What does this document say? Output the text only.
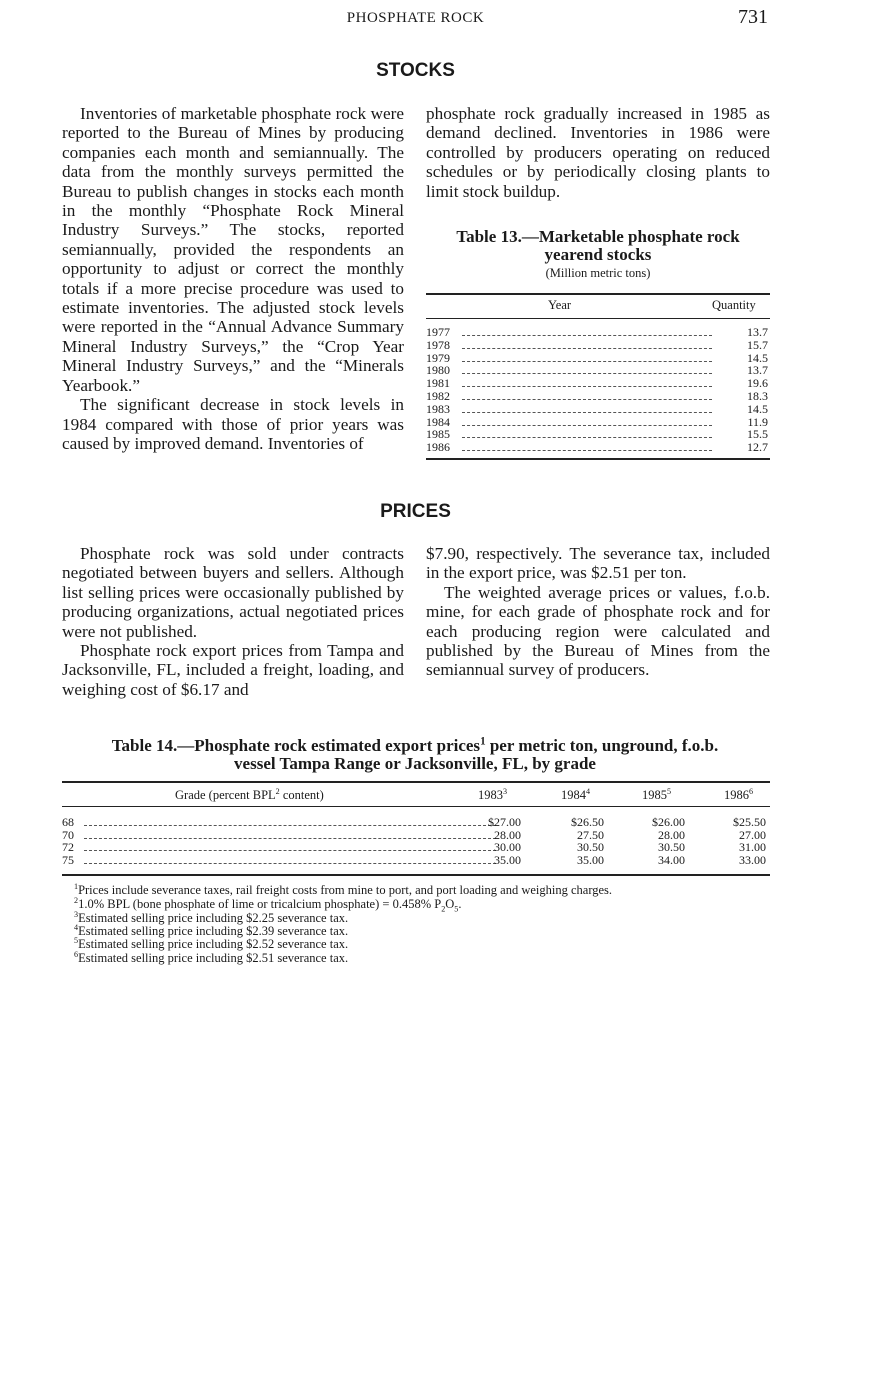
PHOSPHATE ROCK	731
STOCKS

Inventories of marketable phosphate rock were reported to the Bureau of Mines by producing companies each month and semiannually. The data from the monthly surveys permitted the Bureau to publish changes in stocks each month in the monthly “Phosphate Rock Mineral Industry Surveys.” The stocks, reported semiannually, provided the respondents an opportunity to adjust or correct the monthly totals if a more precise procedure was used to estimate inventories. The adjusted stock levels were reported in the “Annual Advance Summary Mineral Industry Surveys,” the “Crop Year Mineral Industry Surveys,” and the “Minerals Yearbook.”

The significant decrease in stock levels in 1984 compared with those of prior years was caused by improved demand. Inventories of

phosphate rock gradually increased in 1985 as demand declined. Inventories in 1986 were controlled by producers operating on reduced schedules or by periodically closing plants to limit stock buildup.

Table 13.—Marketable phosphate rock
yearend stocks
(Million metric tons)
Year	Quantity
1977	13.7
1978	15.7
1979	14.5
1980	13.7
1981	19.6
1982	18.3
1983	14.5
1984	11.9
1985	15.5
1986	12.7
PRICES

Phosphate rock was sold under contracts negotiated between buyers and sellers. Although list selling prices were occasionally published by producing organizations, actual negotiated prices were not published.

Phosphate rock export prices from Tampa and Jacksonville, FL, included a freight, loading, and weighing cost of $6.17 and

$7.90, respectively. The severance tax, included in the export price, was $2.51 per ton.

The weighted average prices or values, f.o.b. mine, for each grade of phosphate rock and for each producing region were calculated and published by the Bureau of Mines from the semiannual survey of producers.

Table 14.—Phosphate rock estimated export prices$^1$ per metric ton, unground, f.o.b.
vessel Tampa Range or Jacksonville, FL, by grade
Grade (percent BPL$^2$ content)	1983$^3$	1984$^4$	1985$^5$	1986$^6$
68	$27.00	$26.50	$26.00	$25.50
70	28.00	27.50	28.00	27.00
72	30.00	30.50	30.50	31.00
75	35.00	35.00	34.00	33.00
$^1$Prices include severance taxes, rail freight costs from mine to port, and port loading and weighing charges.
$^2$1.0% BPL (bone phosphate of lime or tricalcium phosphate) = 0.458% $P_2O_5$.
$^3$Estimated selling price including $2.25 severance tax.
$^4$Estimated selling price including $2.39 severance tax.
$^5$Estimated selling price including $2.52 severance tax.
$^6$Estimated selling price including $2.51 severance tax.
